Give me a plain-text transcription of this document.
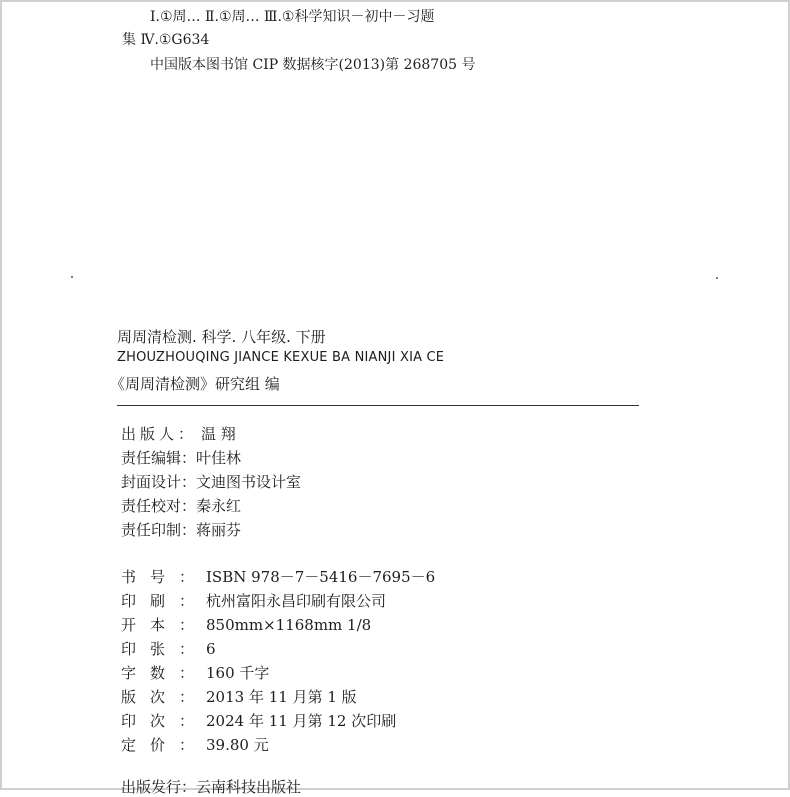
Ⅰ.①周… Ⅱ.①周… Ⅲ.①科学知识－初中－习题
集 Ⅳ.①G634
中国版本图书馆 CIP 数据核字(2013)第 268705 号
周周清检测. 科学. 八年级. 下册
ZHOUZHOUQING JIANCE KEXUE BA NIANJI XIA CE
《周周清检测》研究组 编
出版人： 温 翔
责任编辑：叶佳林
封面设计：文迪图书设计室
责任校对：秦永红
责任印制：蒋丽芬
书号： ISBN 978－7－5416－7695－6
印刷： 杭州富阳永昌印刷有限公司
开本： 850mm×1168mm 1/8
印张： 6
字数： 160 千字
版次： 2013 年 11 月第 1 版
印次： 2024 年 11 月第 12 次印刷
定价： 39.80 元
出版发行：云南科技出版社
